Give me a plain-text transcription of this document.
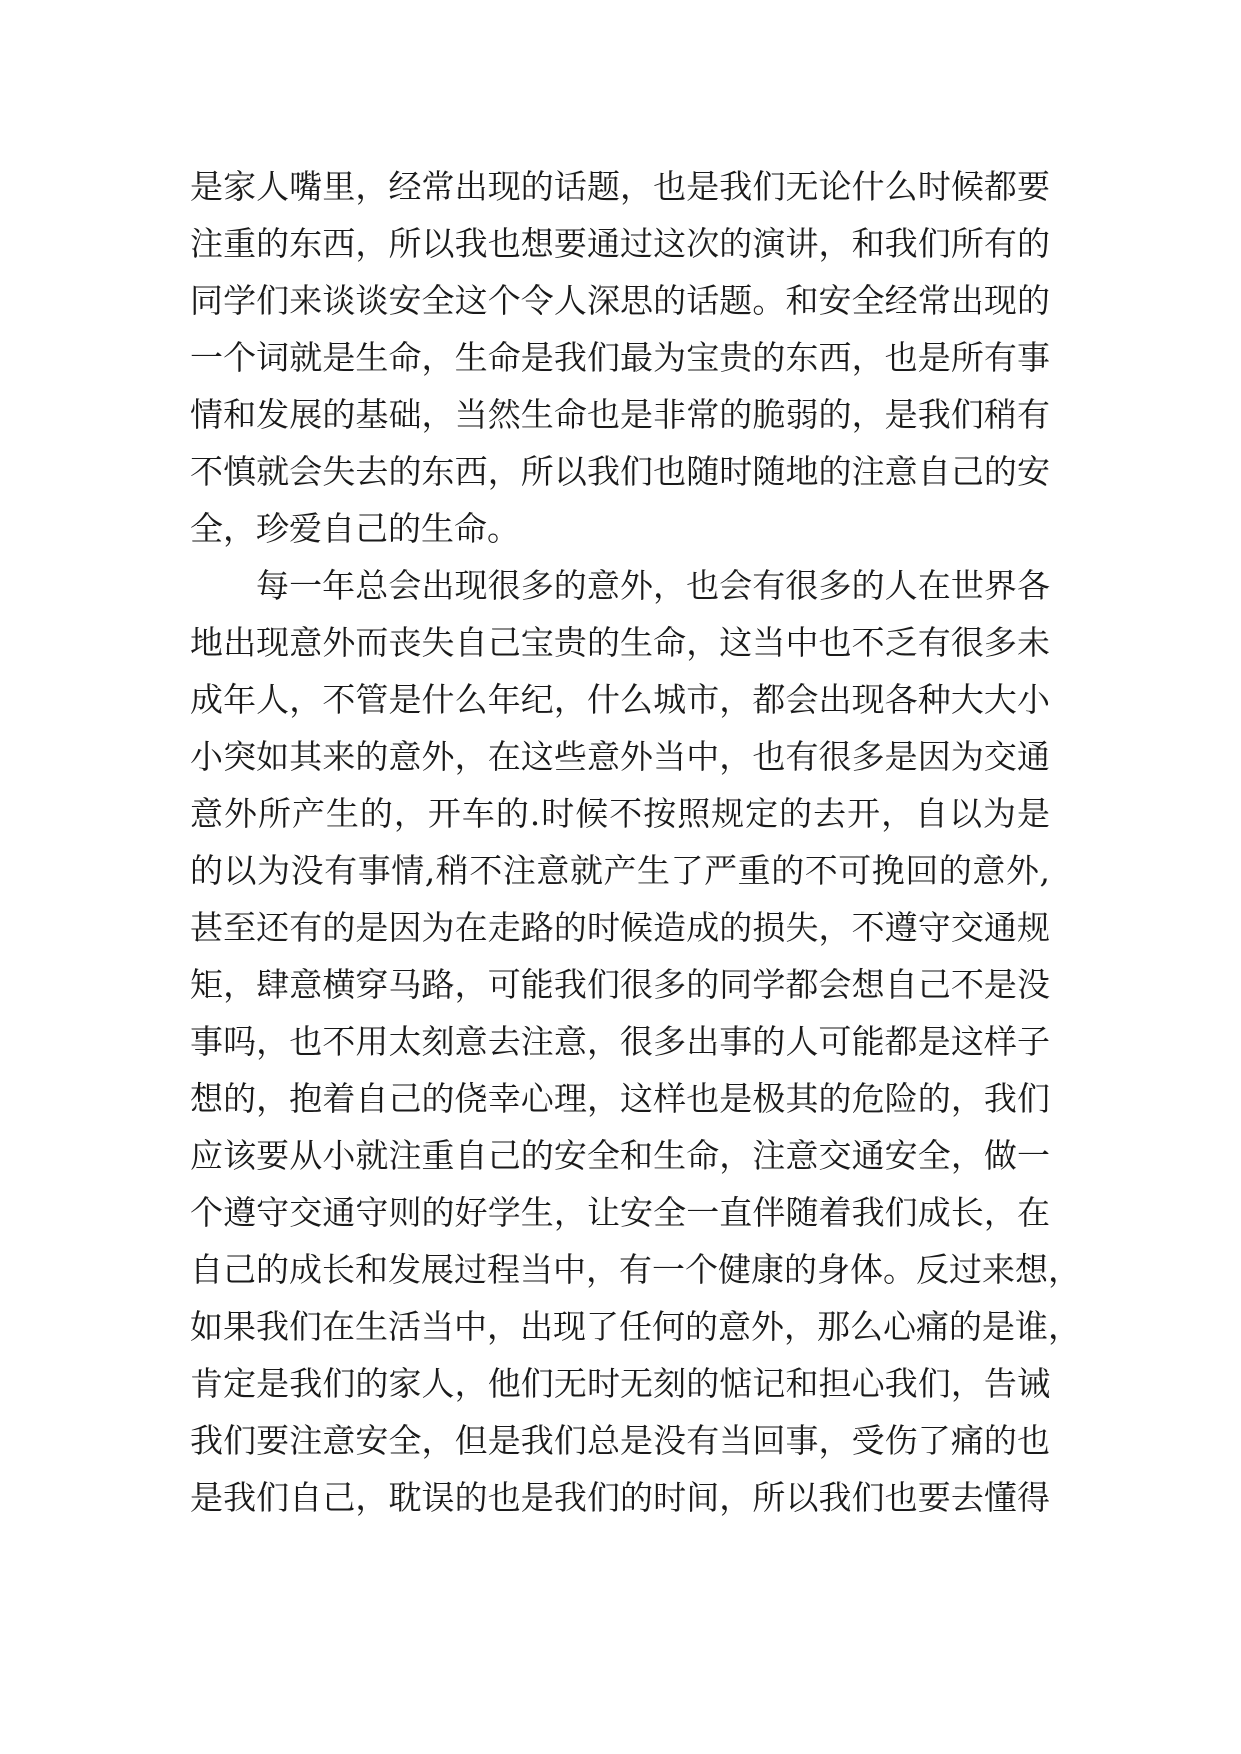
是家人嘴里，经常出现的话题，也是我们无论什么时候都要
注重的东西，所以我也想要通过这次的演讲，和我们所有的
同学们来谈谈安全这个令人深思的话题。和安全经常出现的
一个词就是生命，生命是我们最为宝贵的东西，也是所有事
情和发展的基础，当然生命也是非常的脆弱的，是我们稍有
不慎就会失去的东西，所以我们也随时随地的注意自己的安
全，珍爱自己的生命。
每一年总会出现很多的意外，也会有很多的人在世界各
地出现意外而丧失自己宝贵的生命，这当中也不乏有很多未
成年人，不管是什么年纪，什么城市，都会出现各种大大小
小突如其来的意外，在这些意外当中，也有很多是因为交通
意外所产生的，开车的.时候不按照规定的去开，自以为是
的以为没有事情,稍不注意就产生了严重的不可挽回的意外,
甚至还有的是因为在走路的时候造成的损失，不遵守交通规
矩，肆意横穿马路，可能我们很多的同学都会想自己不是没
事吗，也不用太刻意去注意，很多出事的人可能都是这样子
想的，抱着自己的侥幸心理，这样也是极其的危险的，我们
应该要从小就注重自己的安全和生命，注意交通安全，做一
个遵守交通守则的好学生，让安全一直伴随着我们成长，在
自己的成长和发展过程当中，有一个健康的身体。反过来想，
如果我们在生活当中，出现了任何的意外，那么心痛的是谁，
肯定是我们的家人，他们无时无刻的惦记和担心我们，告诫
我们要注意安全，但是我们总是没有当回事，受伤了痛的也
是我们自己，耽误的也是我们的时间，所以我们也要去懂得
